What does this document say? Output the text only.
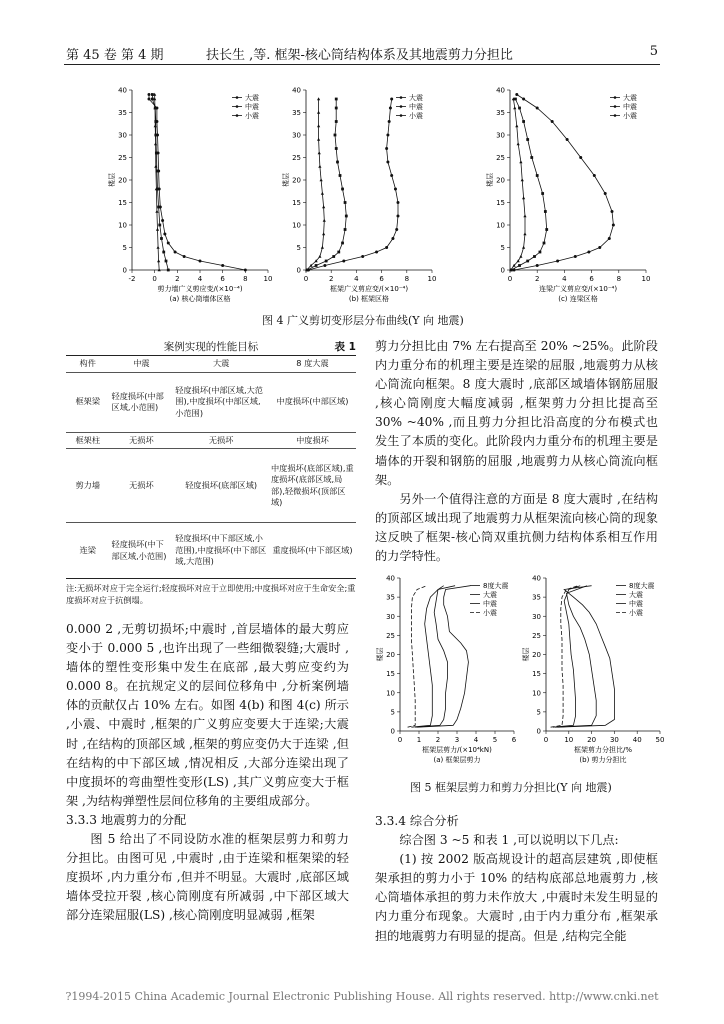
第 45 卷 第 4 期	扶长生 ,等. 框架-核心筒结构体系及其地震剪力分担比	5
-2 0	2	4	6	8 10
0
5
10
15
20
25
30
35
40
剪力墙广义剪应变/(×10⁻⁴)
楼层
(a) 核心筒墙体区格
大震
中震
小震
0	2	4	6	8	10
0
5
10
15
20
25
30
35
40
框架广义剪应变/(×10⁻⁴)
楼层
(b) 框架区格
大震
中震
小震
0	2	4	6	8	10
0
5
10
15
20
25
30
35
40
连梁广义剪应变/(×10⁻⁴)
楼层
(c) 连梁区格
大震
中震
小震
图 4 广义剪切变形层分布曲线(Y 向 地震)
案例实现的性能目标	表 1
构件	中震	大震	8 度大震
框架梁	轻度损坏(中部区域,小范围)	轻度损坏(中部区域,大范围),中度损坏(中部区域,小范围)	中度损坏(中部区域)
框架柱	无损坏	无损坏	中度损坏
剪力墙	无损坏	轻度损坏(底部区域)	中度损坏(底部区域),重度损坏(底部区域,局部),轻微损坏(顶部区域)
连梁	轻度损坏(中下部区域,小范围)	轻度损坏(中下部区域,小范围),中度损坏(中下部区域,大范围)	重度损坏(中下部区域)
注:无损坏对应于完全运行;轻度损坏对应于立即使用;中度损坏对应于生命安全;重度损坏对应于抗倒塌。

0.000 2 ,无剪切损坏;中震时 ,首层墙体的最大剪应变小于 0.000 5 ,也许出现了一些细微裂缝;大震时 ,墙体的塑性变形集中发生在底部 ,最大剪应变约为 0.000 8。在抗规定义的层间位移角中 ,分析案例墙体的贡献仅占 10% 左右。如图 4(b) 和图 4(c) 所示 ,小震、中震时 ,框架的广义剪应变要大于连梁;大震时 ,在结构的顶部区域 ,框架的剪应变仍大于连梁 ,但在结构的中下部区域 ,情况相反 ,大部分连梁出现了中度损坏的弯曲塑性变形(LS) ,其广义剪应变大于框架 ,为结构弹塑性层间位移角的主要组成部分。

3.3.3 地震剪力的分配

图 5 给出了不同设防水准的框架层剪力和剪力分担比。由图可见 ,中震时 ,由于连梁和框架梁的轻度损坏 ,内力重分布 ,但并不明显。大震时 ,底部区域墙体受拉开裂 ,核心筒刚度有所减弱 ,中下部区域大部分连梁屈服(LS) ,核心筒刚度明显减弱 ,框架

剪力分担比由 7% 左右提高至 20% ~25%。此阶段内力重分布的机理主要是连梁的屈服 ,地震剪力从核心筒流向框架。8 度大震时 ,底部区域墙体钢筋屈服 ,核心筒刚度大幅度减弱 ,框架剪力分担比提高至 30% ~40% ,而且剪力分担比沿高度的分布模式也发生了本质的变化。此阶段内力重分布的机理主要是墙体的开裂和钢筋的屈服 ,地震剪力从核心筒流向框架。

另外一个值得注意的方面是 8 度大震时 ,在结构的顶部区域出现了地震剪力从框架流向核心筒的现象 这反映了框架-核心筒双重抗侧力结构体系相互作用的力学特性。

0 1 2 3 4 5 6
0
5
10
15
20
25
30
35
40
框架层剪力/(×10⁴kN)
楼层
(a) 框架层剪力
8度大震
大震
中震
小震
0 10 20 30 40 50
0
5
10
15
20
25
30
35
40
框架剪力分担比/%
楼层
(b) 剪力分担比
8度大震
大震
中震
小震
图 5 框架层剪力和剪力分担比(Y 向 地震)

3.3.4 综合分析

综合图 3 ~5 和表 1 ,可以说明以下几点:

(1) 按 2002 版高规设计的超高层建筑 ,即使框架承担的剪力小于 10% 的结构底部总地震剪力 ,核心筒墙体承担的剪力未作放大 ,中震时未发生明显的内力重分布现象。大震时 ,由于内力重分布 ,框架承担的地震剪力有明显的提高。但是 ,结构完全能

?1994-2015 China Academic Journal Electronic Publishing House. All rights reserved. http://www.cnki.net
